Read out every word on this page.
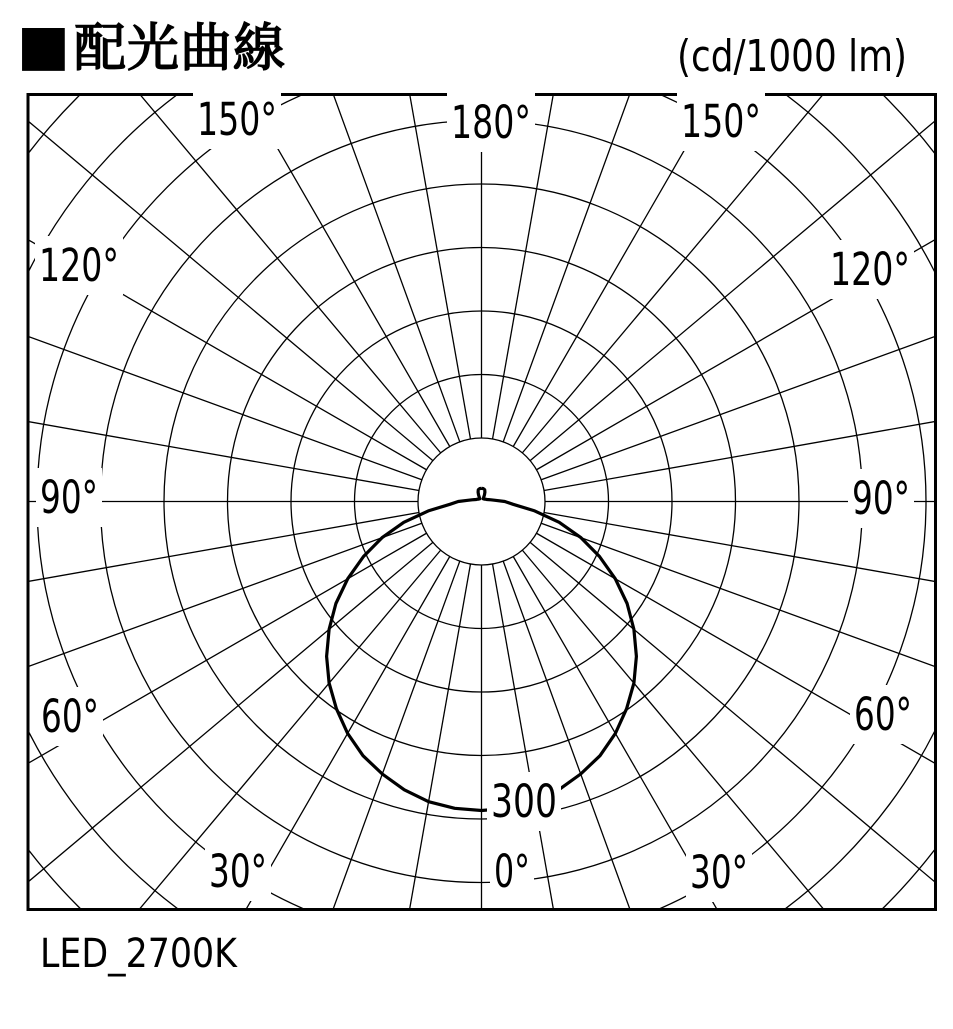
■ 配光曲線	(cd/1000 lm)
180°
150°	150°
120°	120°
90°	90°
60°	60°
30°	30°
0°
300
LED_2700K
